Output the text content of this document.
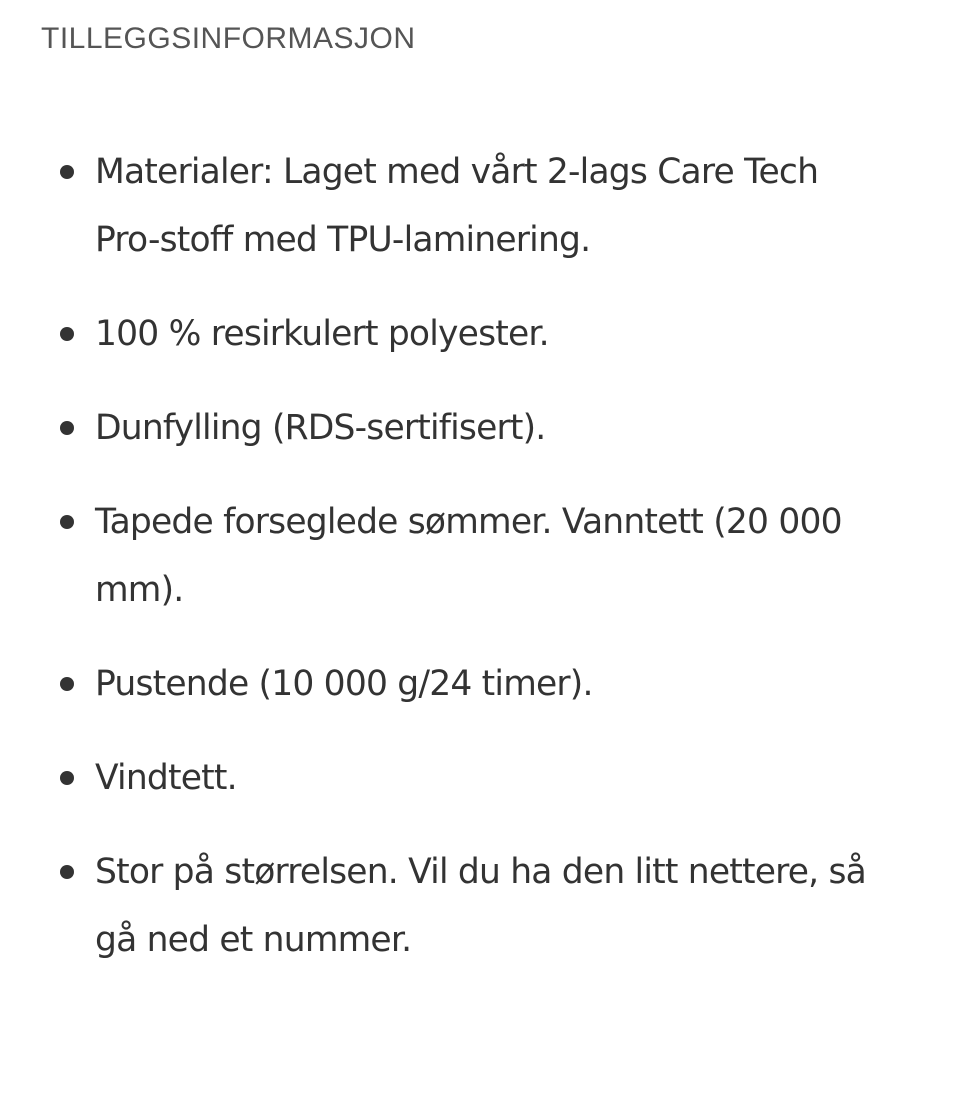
TILLEGGSINFORMASJON
Materialer: Laget med vårt 2-lags Care Tech Pro-stoff med TPU-laminering.
100 % resirkulert polyester.
Dunfylling (RDS-sertifisert).
Tapede forseglede sømmer. Vanntett (20 000 mm).
Pustende (10 000 g/24 timer).
Vindtett.
Stor på størrelsen. Vil du ha den litt nettere, så gå ned et nummer.
